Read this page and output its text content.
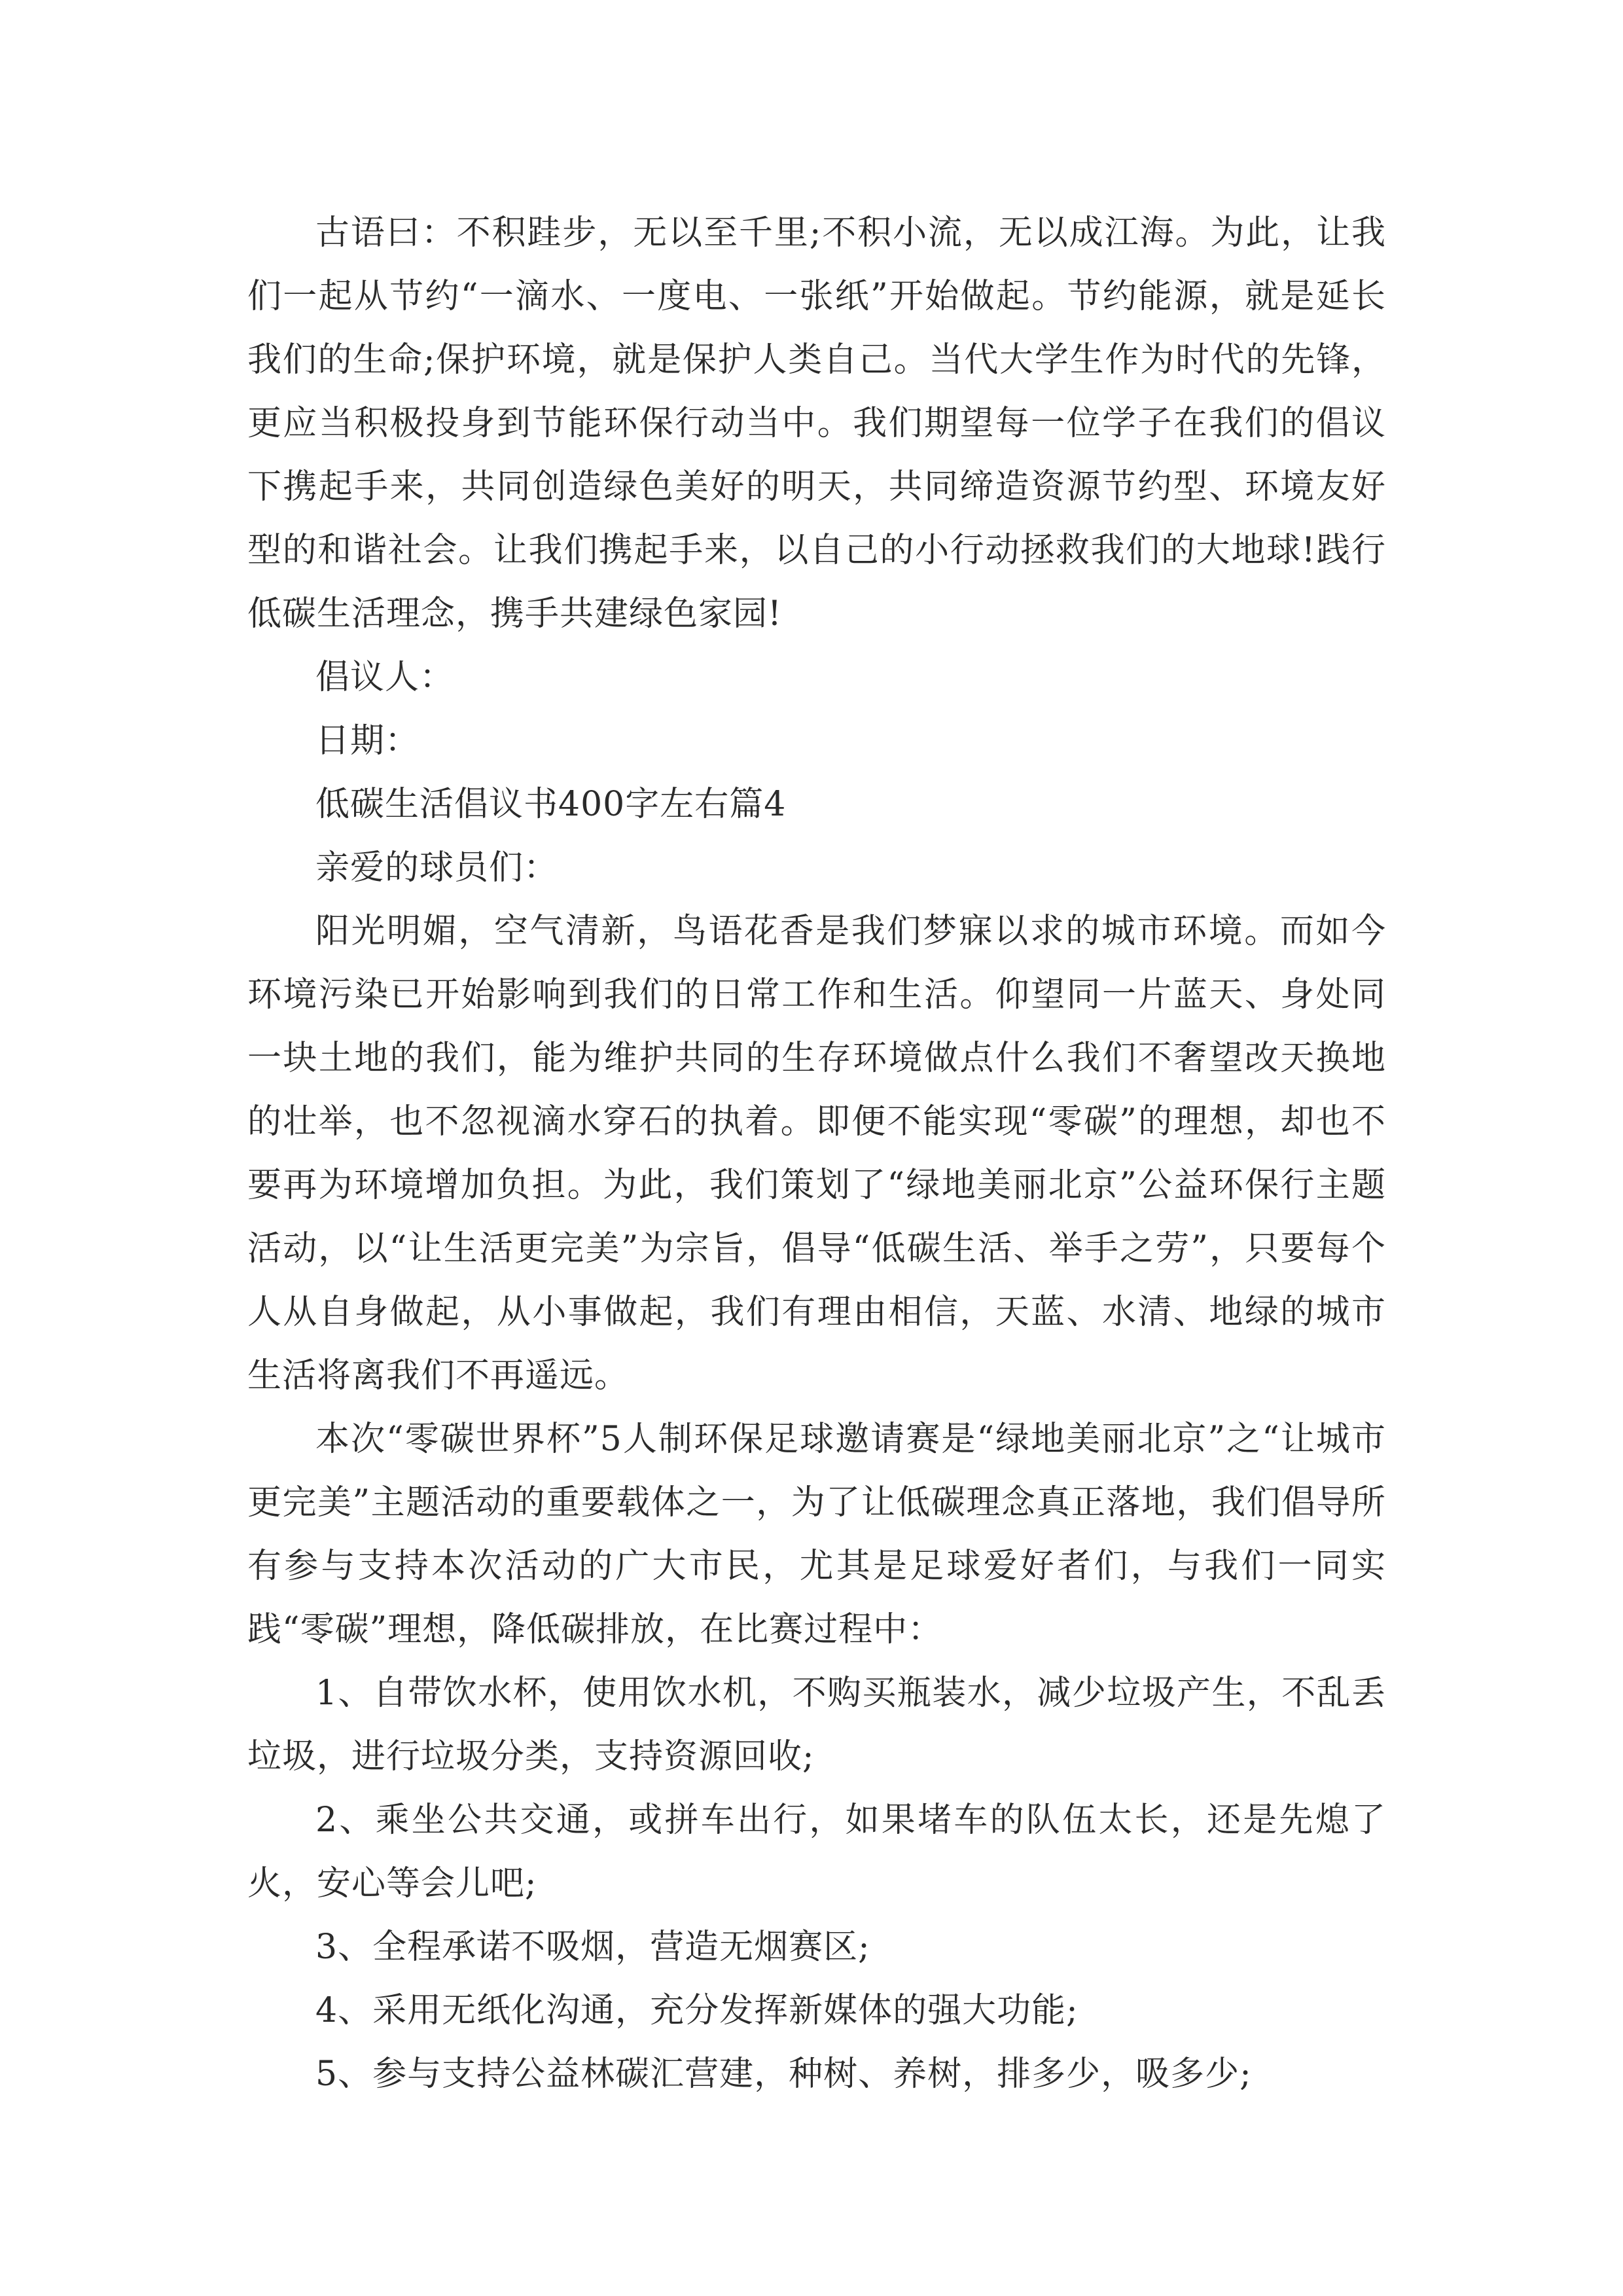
古语曰：不积跬步，无以至千里;不积小流，无以成江海。为此，让我们一起从节约“一滴水、一度电、一张纸”开始做起。节约能源，就是延长我们的生命;保护环境，就是保护人类自己。当代大学生作为时代的先锋，更应当积极投身到节能环保行动当中。我们期望每一位学子在我们的倡议下携起手来，共同创造绿色美好的明天，共同缔造资源节约型、环境友好型的和谐社会。让我们携起手来，以自己的小行动拯救我们的大地球!践行低碳生活理念，携手共建绿色家园!

倡议人：

日期：

低碳生活倡议书400字左右篇4

亲爱的球员们：

阳光明媚，空气清新，鸟语花香是我们梦寐以求的城市环境。而如今环境污染已开始影响到我们的日常工作和生活。仰望同一片蓝天、身处同一块土地的我们，能为维护共同的生存环境做点什么我们不奢望改天换地的壮举，也不忽视滴水穿石的执着。即便不能实现“零碳”的理想，却也不要再为环境增加负担。为此，我们策划了“绿地美丽北京”公益环保行主题活动，以“让生活更完美”为宗旨，倡导“低碳生活、举手之劳”，只要每个人从自身做起，从小事做起，我们有理由相信，天蓝、水清、地绿的城市生活将离我们不再遥远。

本次“零碳世界杯”5人制环保足球邀请赛是“绿地美丽北京”之“让城市更完美”主题活动的重要载体之一，为了让低碳理念真正落地，我们倡导所有参与支持本次活动的广大市民，尤其是足球爱好者们，与我们一同实践“零碳”理想，降低碳排放，在比赛过程中：

1、自带饮水杯，使用饮水机，不购买瓶装水，减少垃圾产生，不乱丢垃圾，进行垃圾分类，支持资源回收;

2、乘坐公共交通，或拼车出行，如果堵车的队伍太长，还是先熄了火，安心等会儿吧;

3、全程承诺不吸烟，营造无烟赛区;

4、采用无纸化沟通，充分发挥新媒体的强大功能;

5、参与支持公益林碳汇营建，种树、养树，排多少，吸多少;
